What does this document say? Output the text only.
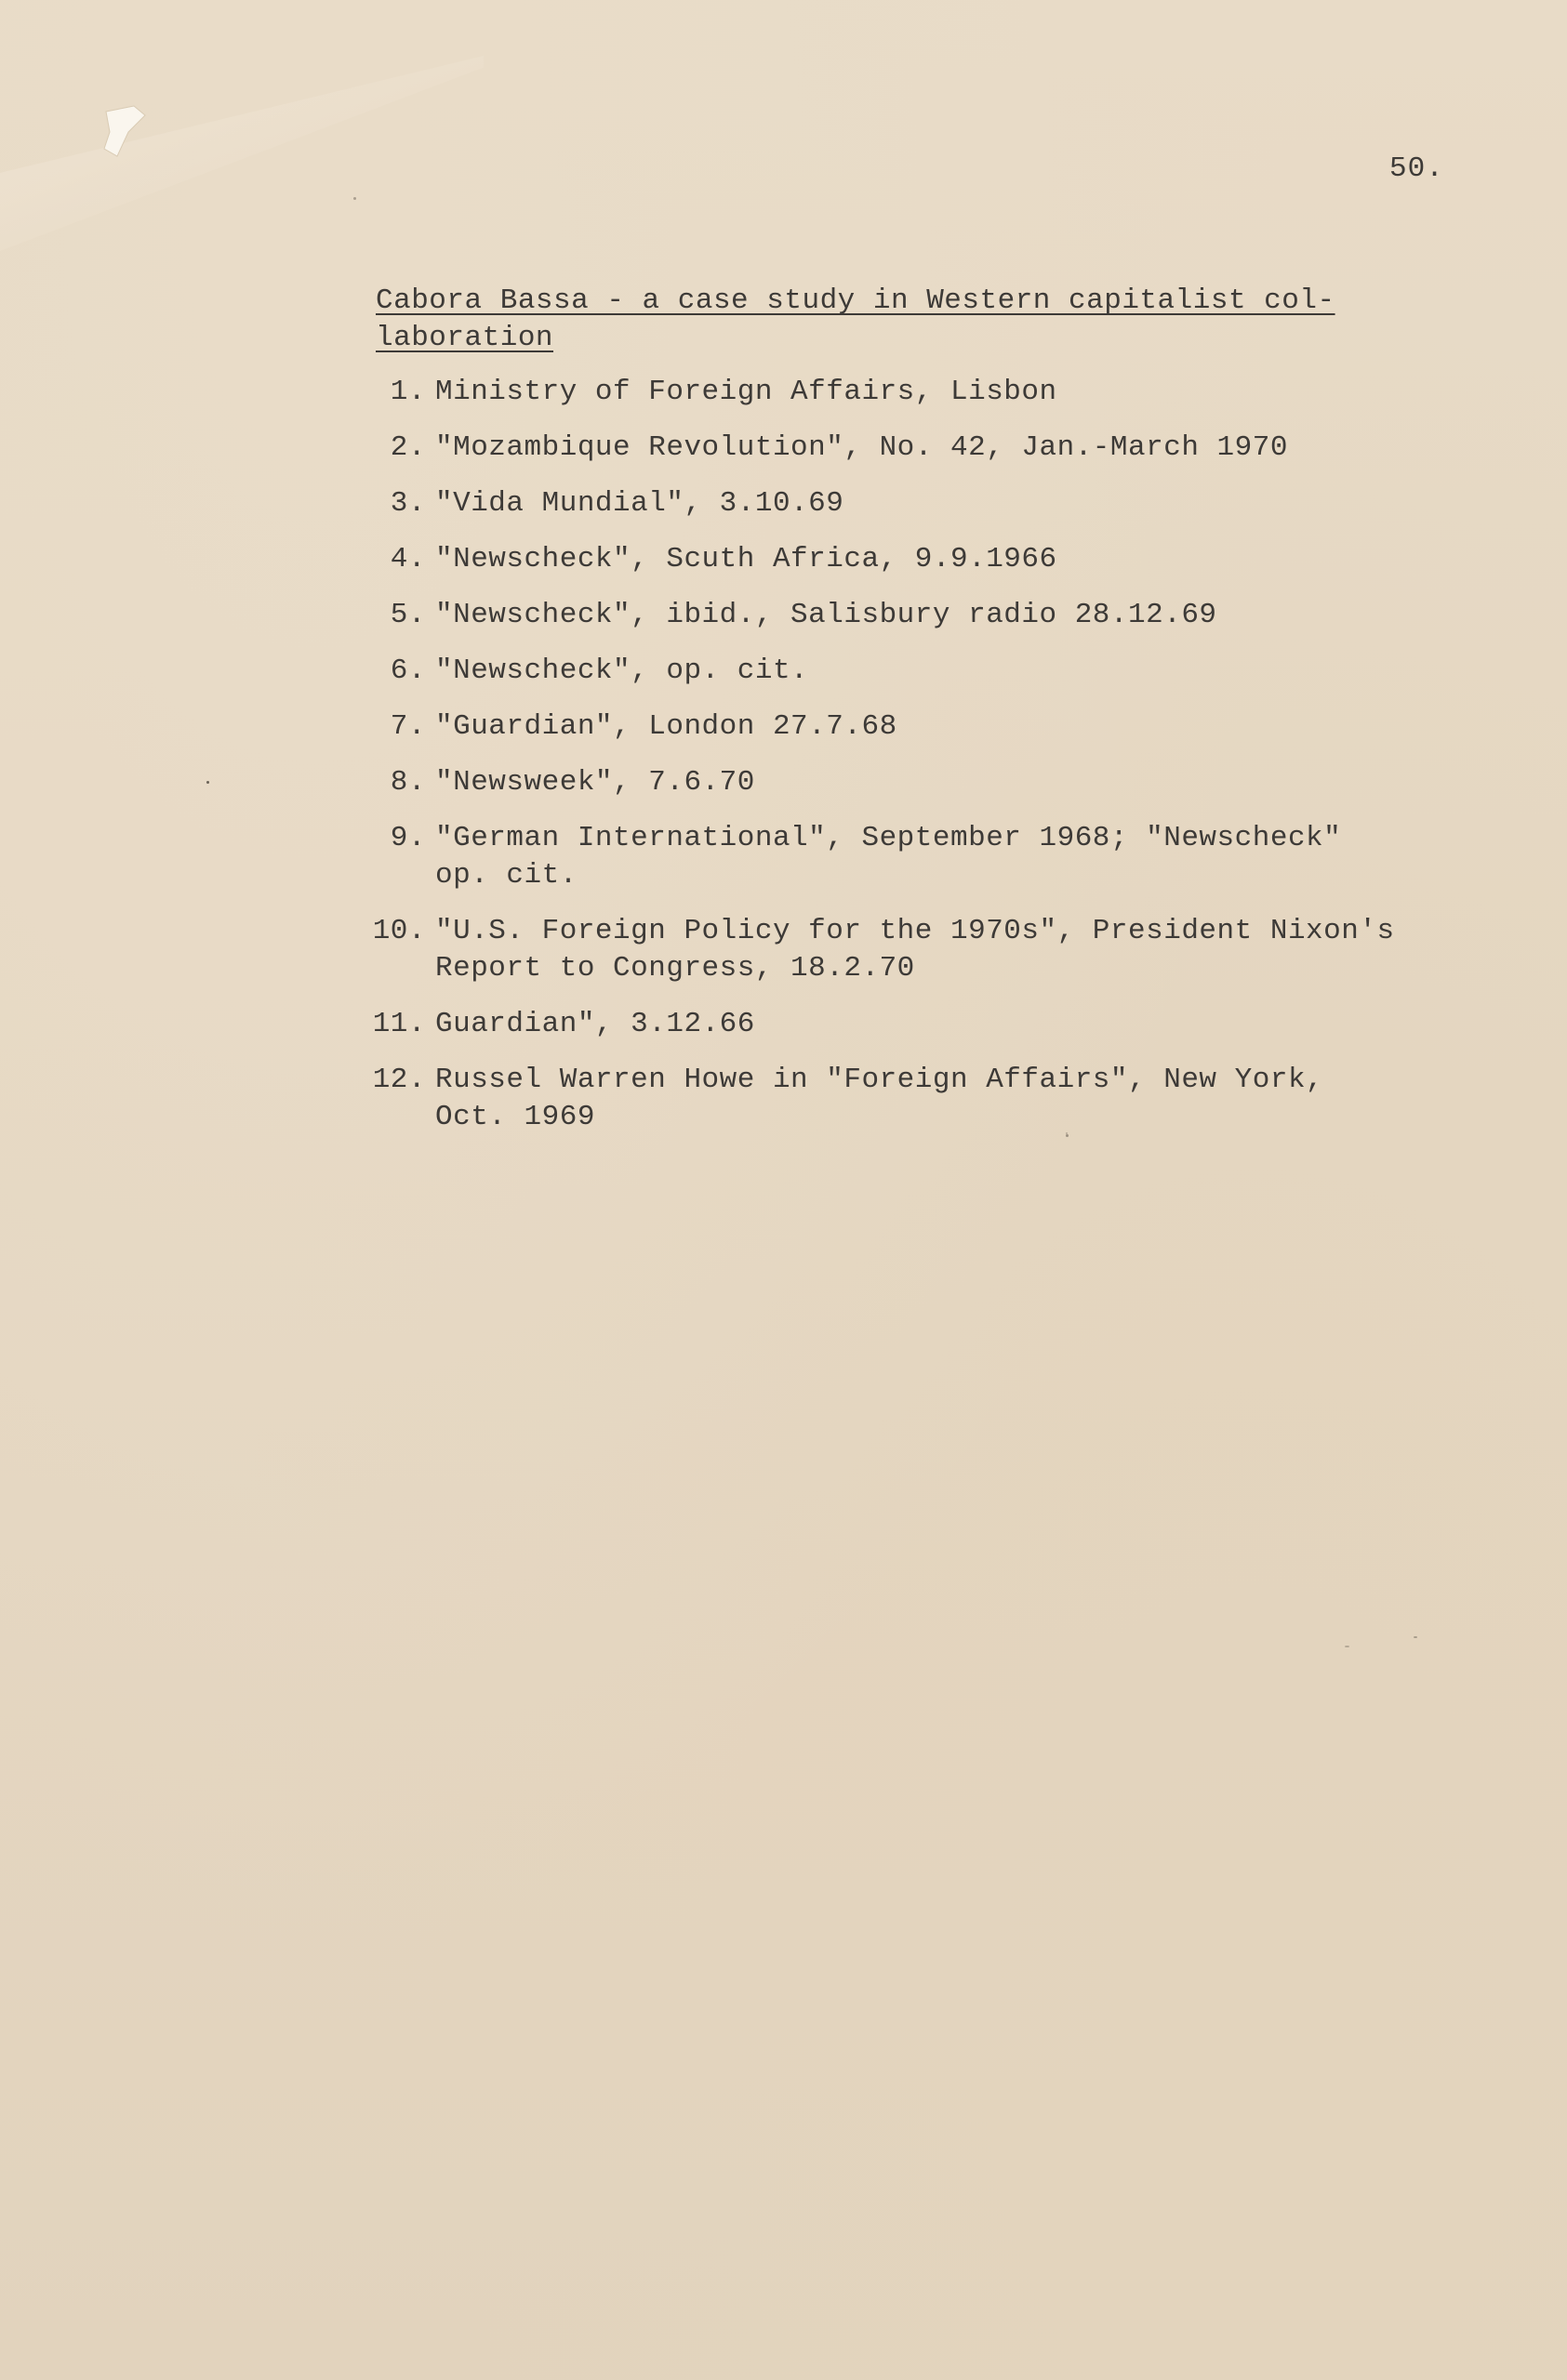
50.
Cabora Bassa - a case study in Western capitalist col-
laboration
1. Ministry of Foreign Affairs, Lisbon
2. "Mozambique Revolution", No. 42, Jan.-March 1970
3. "Vida Mundial", 3.10.69
4. "Newscheck", Scuth Africa, 9.9.1966
5. "Newscheck", ibid., Salisbury radio 28.12.69
6. "Newscheck", op. cit.
7. "Guardian", London 27.7.68
8. "Newsweek", 7.6.70
9. "German International", September 1968; "Newscheck"
op. cit.
10. "U.S. Foreign Policy for the 1970s", President Nixon's
Report to Congress, 18.2.70
11. Guardian", 3.12.66
12. Russel Warren Howe in "Foreign Affairs", New York,
Oct. 1969
